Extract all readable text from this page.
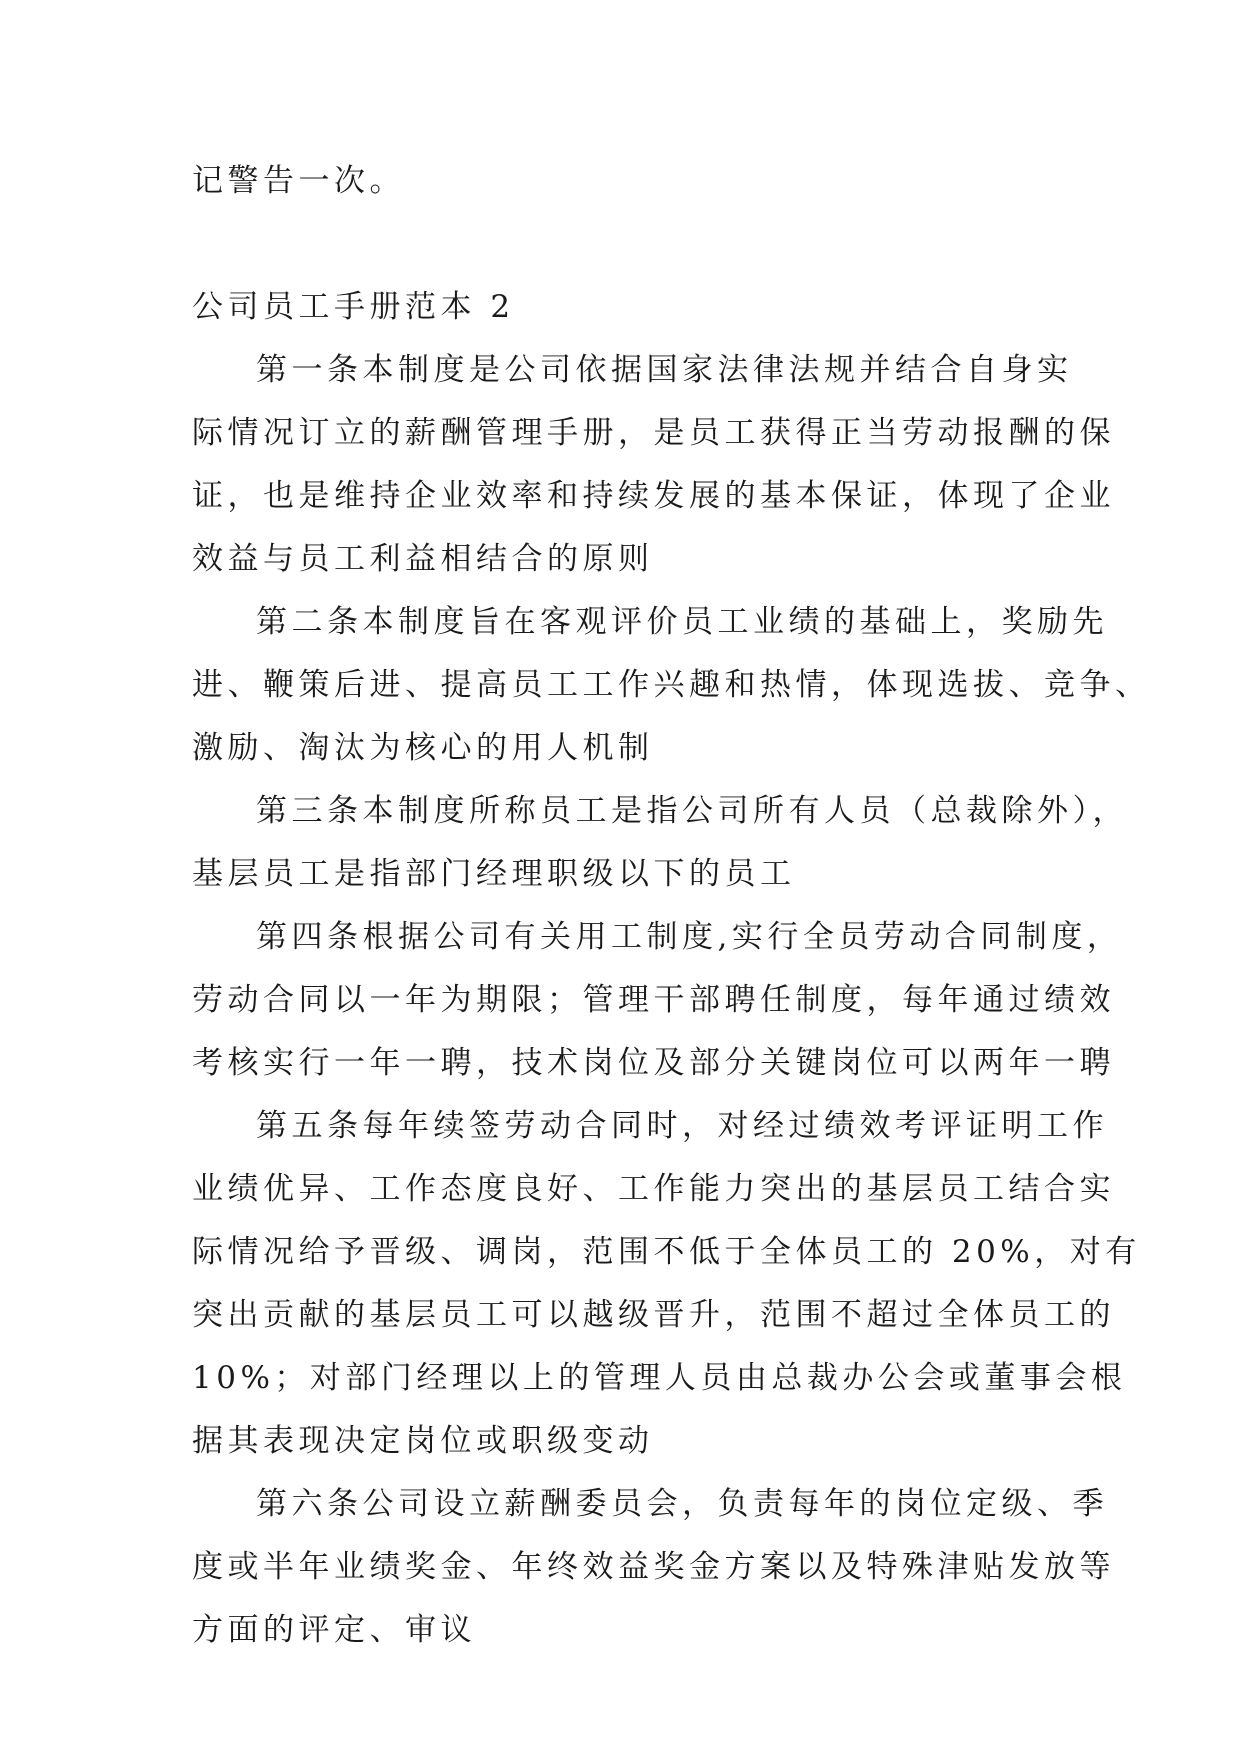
记警告一次。

公司员工手册范本 2

第一条本制度是公司依据国家法律法规并结合自身实

际情况订立的薪酬管理手册，是员工获得正当劳动报酬的保

证，也是维持企业效率和持续发展的基本保证，体现了企业

效益与员工利益相结合的原则

第二条本制度旨在客观评价员工业绩的基础上，奖励先

进、鞭策后进、提高员工工作兴趣和热情，体现选拔、竞争、

激励、淘汰为核心的用人机制

第三条本制度所称员工是指公司所有人员（总裁除外），

基层员工是指部门经理职级以下的员工

第四条根据公司有关用工制度,实行全员劳动合同制度，

劳动合同以一年为期限；管理干部聘任制度，每年通过绩效

考核实行一年一聘，技术岗位及部分关键岗位可以两年一聘

第五条每年续签劳动合同时，对经过绩效考评证明工作

业绩优异、工作态度良好、工作能力突出的基层员工结合实

际情况给予晋级、调岗，范围不低于全体员工的 20%，对有

突出贡献的基层员工可以越级晋升，范围不超过全体员工的

10%；对部门经理以上的管理人员由总裁办公会或董事会根

据其表现决定岗位或职级变动

第六条公司设立薪酬委员会，负责每年的岗位定级、季

度或半年业绩奖金、年终效益奖金方案以及特殊津贴发放等

方面的评定、审议
